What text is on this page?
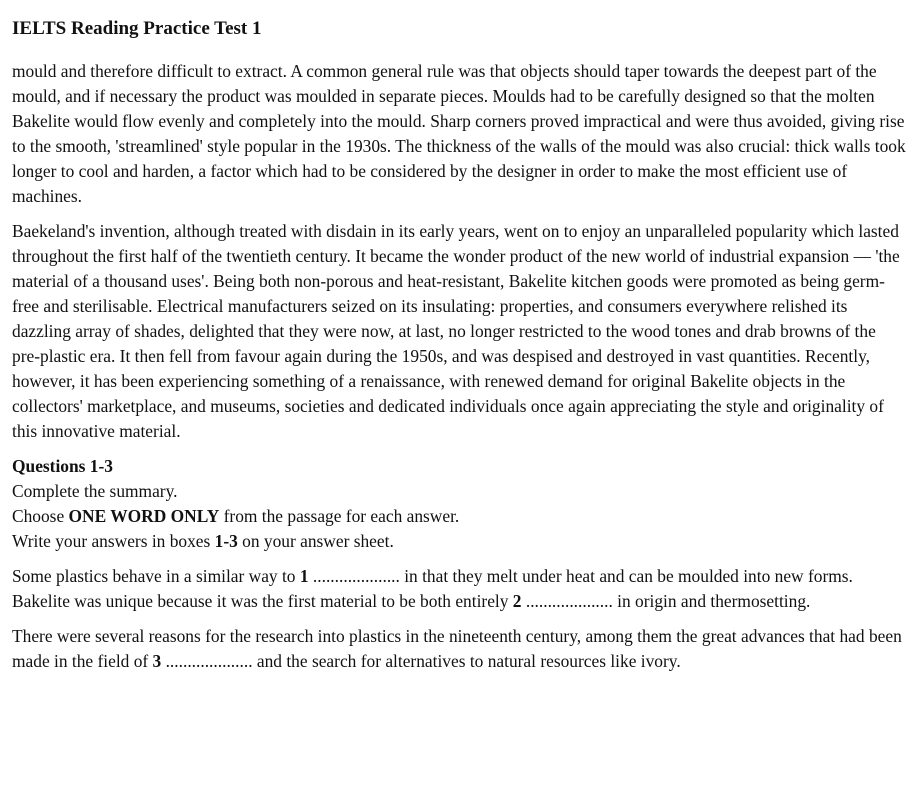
IELTS Reading Practice Test 1

mould and therefore difficult to extract. A common general rule was that objects should taper towards the deepest part of the mould, and if necessary the product was moulded in separate pieces. Moulds had to be carefully designed so that the molten Bakelite would flow evenly and completely into the mould. Sharp corners proved impractical and were thus avoided, giving rise to the smooth, 'streamlined' style popular in the 1930s. The thickness of the walls of the mould was also crucial: thick walls took longer to cool and harden, a factor which had to be considered by the designer in order to make the most efficient use of machines.

Baekeland's invention, although treated with disdain in its early years, went on to enjoy an unparalleled popularity which lasted throughout the first half of the twentieth century. It became the wonder product of the new world of industrial expansion — 'the material of a thousand uses'. Being both non-porous and heat-resistant, Bakelite kitchen goods were promoted as being germ-free and sterilisable. Electrical manufacturers seized on its insulating: properties, and consumers everywhere relished its dazzling array of shades, delighted that they were now, at last, no longer restricted to the wood tones and drab browns of the pre-plastic era. It then fell from favour again during the 1950s, and was despised and destroyed in vast quantities. Recently, however, it has been experiencing something of a renaissance, with renewed demand for original Bakelite objects in the collectors' marketplace, and museums, societies and dedicated individuals once again appreciating the style and originality of this innovative material.

Questions 1-3

Complete the summary.

Choose ONE WORD ONLY from the passage for each answer.

Write your answers in boxes 1-3 on your answer sheet.

Some plastics behave in a similar way to 1 .................... in that they melt under heat and can be moulded into new forms. Bakelite was unique because it was the first material to be both entirely 2 .................... in origin and thermosetting.

There were several reasons for the research into plastics in the nineteenth century, among them the great advances that had been made in the field of 3 .................... and the search for alternatives to natural resources like ivory.
